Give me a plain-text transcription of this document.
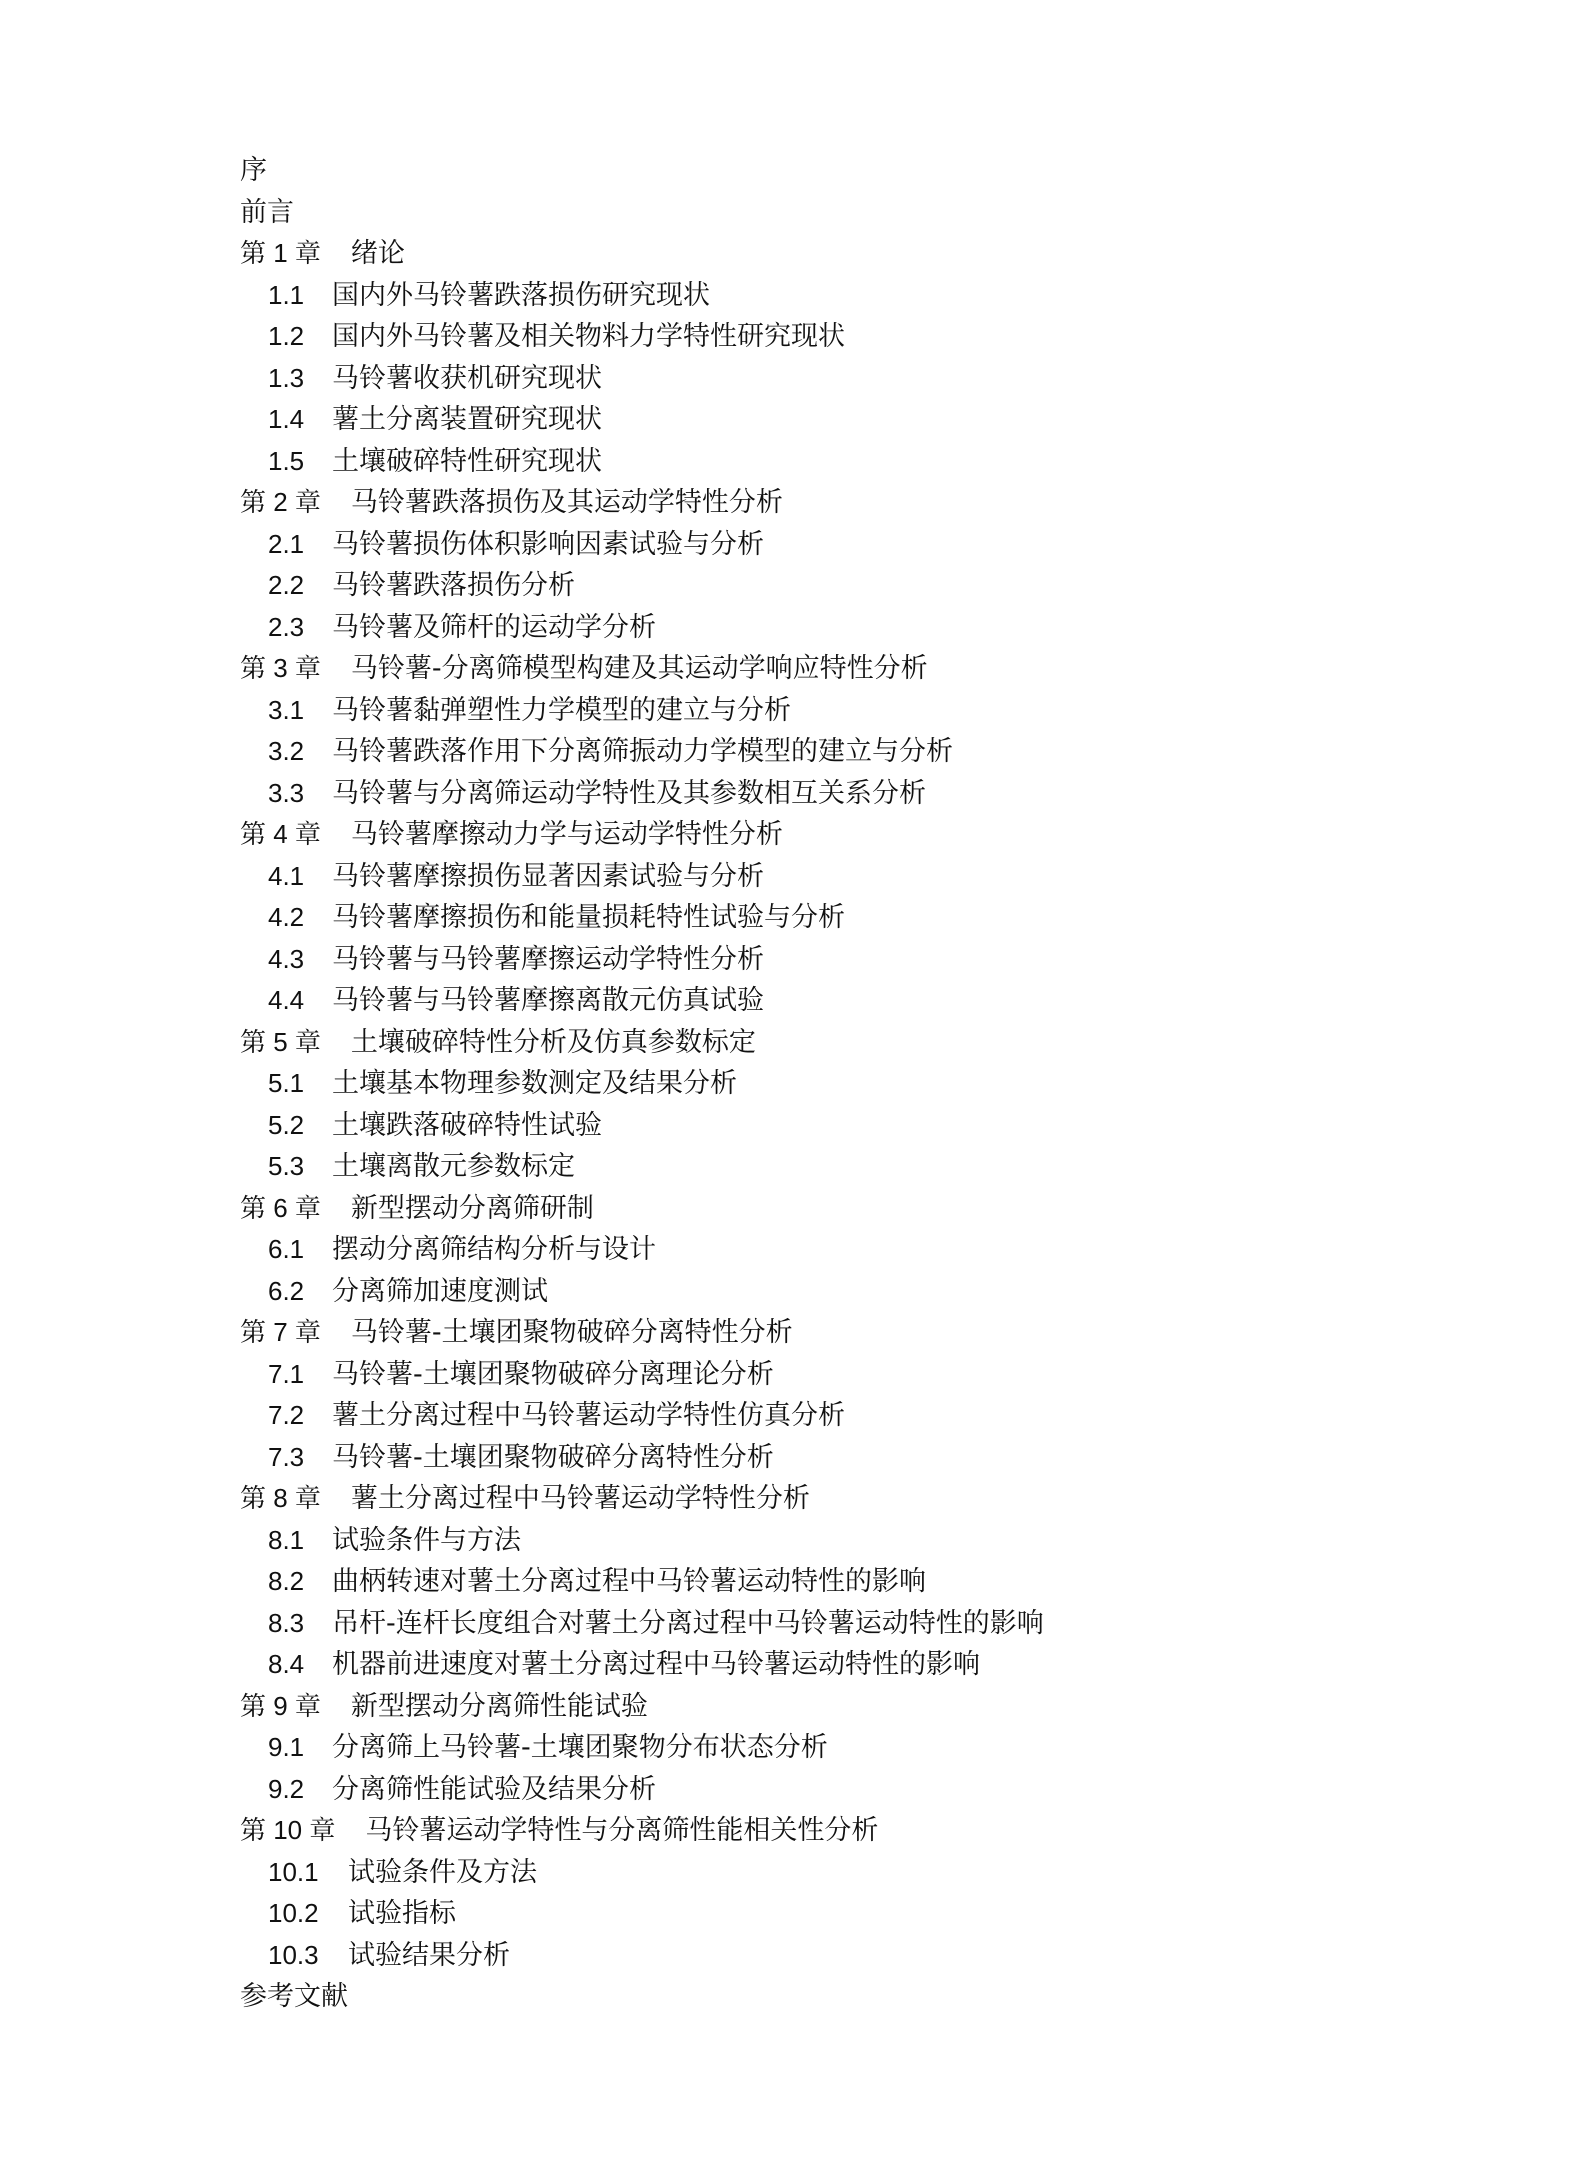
序
前言
第 1 章 绪论
1.1 国内外马铃薯跌落损伤研究现状
1.2 国内外马铃薯及相关物料力学特性研究现状
1.3 马铃薯收获机研究现状
1.4 薯土分离装置研究现状
1.5 土壤破碎特性研究现状
第 2 章 马铃薯跌落损伤及其运动学特性分析
2.1 马铃薯损伤体积影响因素试验与分析
2.2 马铃薯跌落损伤分析
2.3 马铃薯及筛杆的运动学分析
第 3 章 马铃薯-分离筛模型构建及其运动学响应特性分析
3.1 马铃薯黏弹塑性力学模型的建立与分析
3.2 马铃薯跌落作用下分离筛振动力学模型的建立与分析
3.3 马铃薯与分离筛运动学特性及其参数相互关系分析
第 4 章 马铃薯摩擦动力学与运动学特性分析
4.1 马铃薯摩擦损伤显著因素试验与分析
4.2 马铃薯摩擦损伤和能量损耗特性试验与分析
4.3 马铃薯与马铃薯摩擦运动学特性分析
4.4 马铃薯与马铃薯摩擦离散元仿真试验
第 5 章 土壤破碎特性分析及仿真参数标定
5.1 土壤基本物理参数测定及结果分析
5.2 土壤跌落破碎特性试验
5.3 土壤离散元参数标定
第 6 章 新型摆动分离筛研制
6.1 摆动分离筛结构分析与设计
6.2 分离筛加速度测试
第 7 章 马铃薯-土壤团聚物破碎分离特性分析
7.1 马铃薯-土壤团聚物破碎分离理论分析
7.2 薯土分离过程中马铃薯运动学特性仿真分析
7.3 马铃薯-土壤团聚物破碎分离特性分析
第 8 章 薯土分离过程中马铃薯运动学特性分析
8.1 试验条件与方法
8.2 曲柄转速对薯土分离过程中马铃薯运动特性的影响
8.3 吊杆-连杆长度组合对薯土分离过程中马铃薯运动特性的影响
8.4 机器前进速度对薯土分离过程中马铃薯运动特性的影响
第 9 章 新型摆动分离筛性能试验
9.1 分离筛上马铃薯-土壤团聚物分布状态分析
9.2 分离筛性能试验及结果分析
第 10 章 马铃薯运动学特性与分离筛性能相关性分析
10.1 试验条件及方法
10.2 试验指标
10.3 试验结果分析
参考文献
